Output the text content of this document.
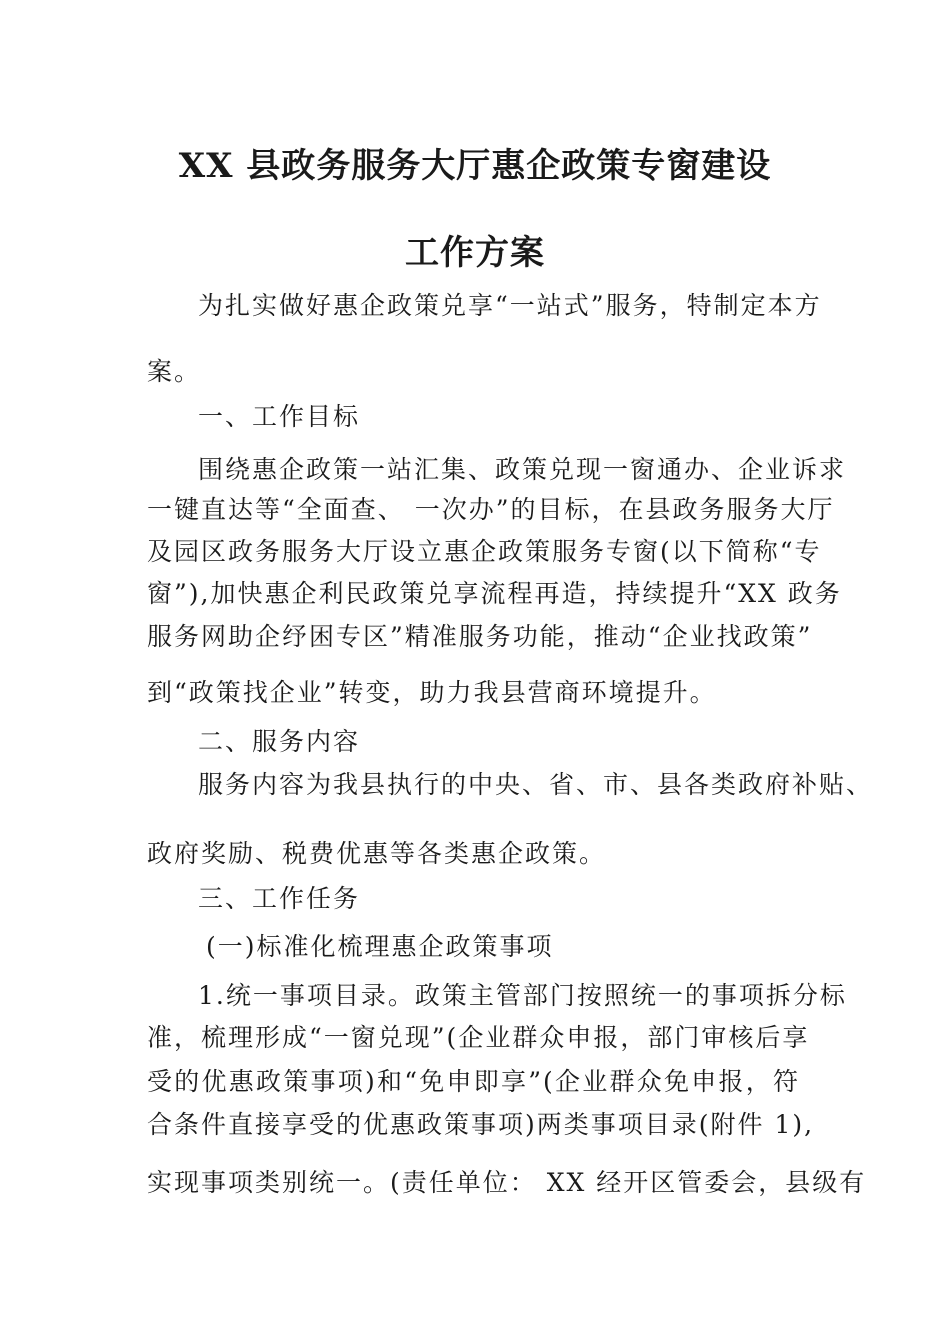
XX 县政务服务大厅惠企政策专窗建设
工作方案
为扎实做好惠企政策兑享“一站式”服务，特制定本方
案。
一、工作目标
围绕惠企政策一站汇集、政策兑现一窗通办、企业诉求
一键直达等“全面查、 一次办”的目标，在县政务服务大厅
及园区政务服务大厅设立惠企政策服务专窗(以下简称“专
窗”),加快惠企利民政策兑享流程再造，持续提升“XX 政务
服务网助企纾困专区”精准服务功能，推动“企业找政策”
到“政策找企业”转变，助力我县营商环境提升。
二、服务内容
服务内容为我县执行的中央、省、市、县各类政府补贴、
政府奖励、税费优惠等各类惠企政策。
三、工作任务
(一)标准化梳理惠企政策事项
1.统一事项目录。政策主管部门按照统一的事项拆分标
准，梳理形成“一窗兑现”(企业群众申报，部门审核后享
受的优惠政策事项)和“免申即享”(企业群众免申报，符
合条件直接享受的优惠政策事项)两类事项目录(附件 1),
实现事项类别统一。(责任单位： XX 经开区管委会，县级有
